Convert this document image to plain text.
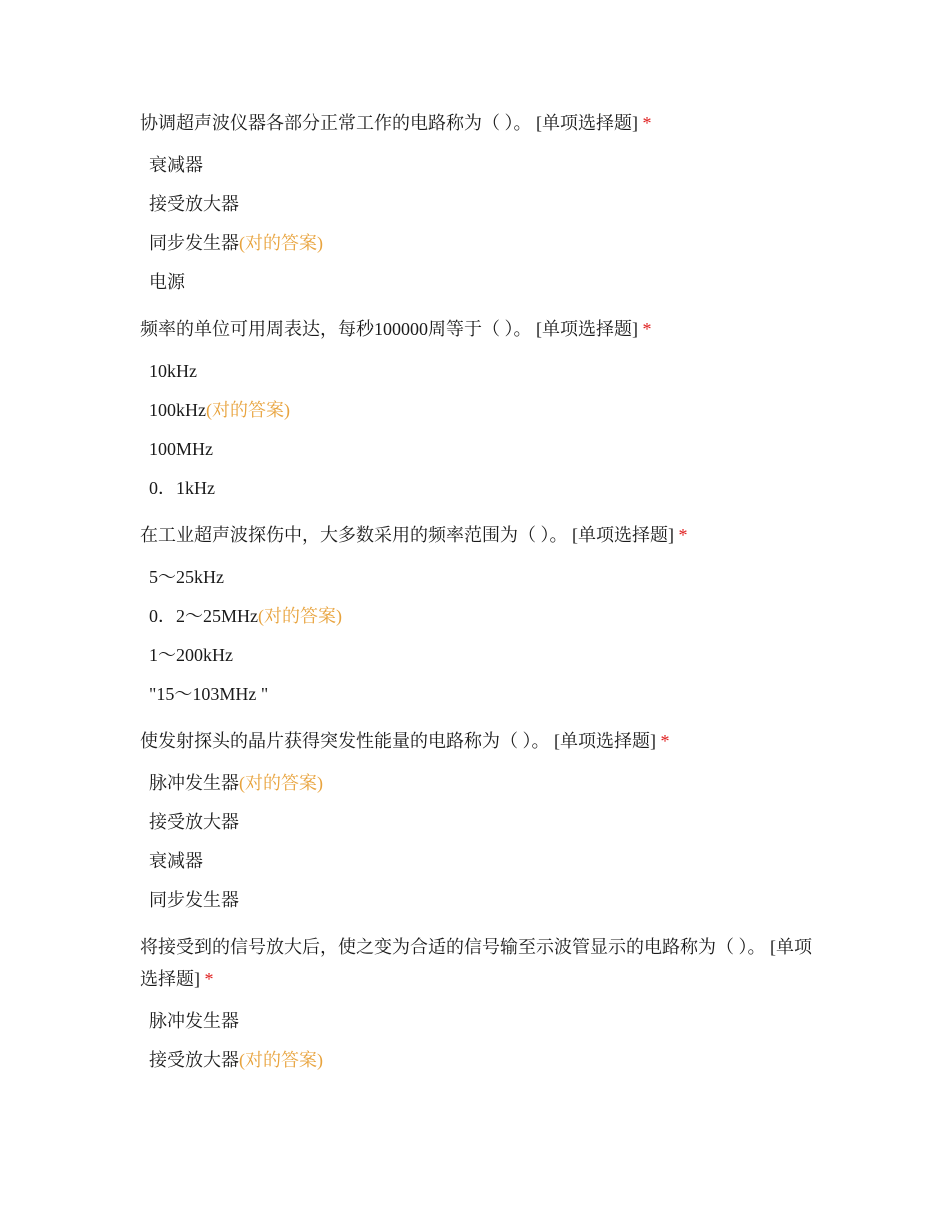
协调超声波仪器各部分正常工作的电路称为（ ）。 [单项选择题] *

衰减器
接受放大器
同步发生器(对的答案)
电源

频率的单位可用周表达，每秒100000周等于（ ）。 [单项选择题] *

10kHz
100kHz(对的答案)
100MHz
0．1kHz

在工业超声波探伤中，大多数采用的频率范围为（ ）。 [单项选择题] *

5～25kHz
0．2～25MHz(对的答案)
1～200kHz
"15～103MHz "

使发射探头的晶片获得突发性能量的电路称为（ ）。 [单项选择题] *

脉冲发生器(对的答案)
接受放大器
衰减器
同步发生器

将接受到的信号放大后，使之变为合适的信号输至示波管显示的电路称为（ ）。 [单项选择题] *

脉冲发生器
接受放大器(对的答案)
